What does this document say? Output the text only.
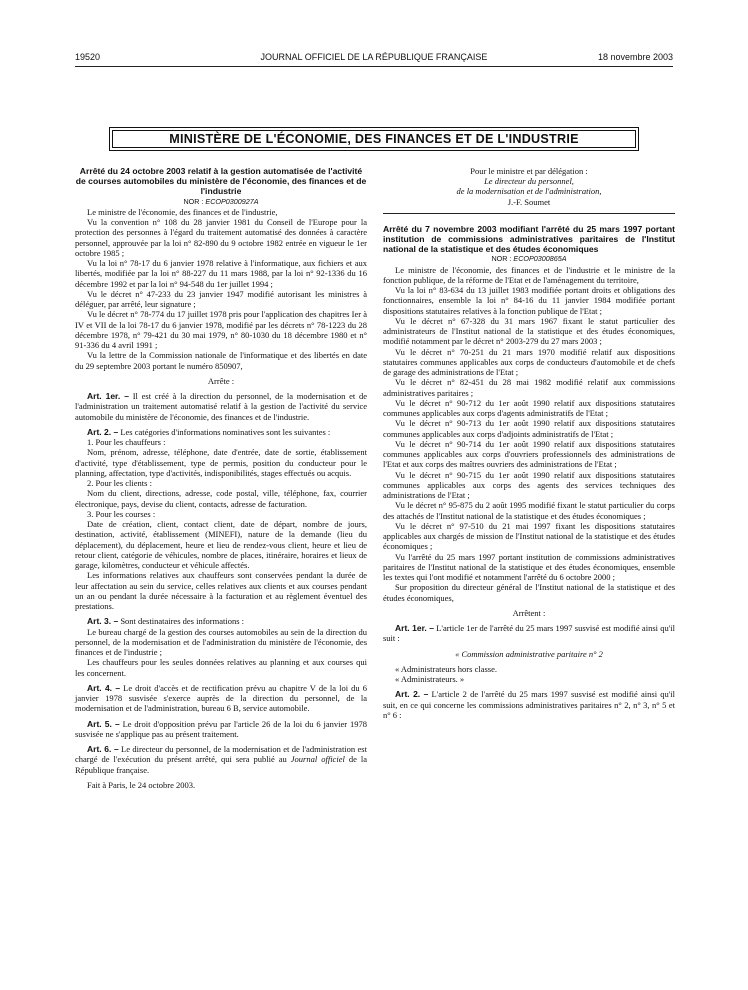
JOURNAL OFFICIEL DE LA RÉPUBLIQUE FRANÇAISE
19520	18 novembre 2003
MINISTÈRE DE L'ÉCONOMIE, DES FINANCES ET DE L'INDUSTRIE

Arrêté du 24 octobre 2003 relatif à la gestion automatisée de l'activité de courses automobiles du ministère de l'économie, des finances et de l'industrie

NOR : ECOP0300927A

Le ministre de l'économie, des finances et de l'industrie,

Vu la convention n° 108 du 28 janvier 1981 du Conseil de l'Europe pour la protection des personnes à l'égard du traitement automatisé des données à caractère personnel, approuvée par la loi n° 82-890 du 9 octobre 1982 entrée en vigueur le 1er octobre 1985 ;

Vu la loi n° 78-17 du 6 janvier 1978 relative à l'informatique, aux fichiers et aux libertés, modifiée par la loi n° 88-227 du 11 mars 1988, par la loi n° 92-1336 du 16 décembre 1992 et par la loi n° 94-548 du 1er juillet 1994 ;

Vu le décret n° 47-233 du 23 janvier 1947 modifié autorisant les ministres à déléguer, par arrêté, leur signature ;

Vu le décret n° 78-774 du 17 juillet 1978 pris pour l'application des chapitres Ier à IV et VII de la loi 78-17 du 6 janvier 1978, modifié par les décrets n° 78-1223 du 28 décembre 1978, n° 79-421 du 30 mai 1979, n° 80-1030 du 18 décembre 1980 et n° 91-336 du 4 avril 1991 ;

Vu la lettre de la Commission nationale de l'informatique et des libertés en date du 29 septembre 2003 portant le numéro 850907,

Arrête :

Art. 1er. – Il est créé à la direction du personnel, de la modernisation et de l'administration un traitement automatisé relatif à la gestion de l'activité du service automobile du ministère de l'économie, des finances et de l'industrie.

Art. 2. – Les catégories d'informations nominatives sont les suivantes :

1. Pour les chauffeurs :

Nom, prénom, adresse, téléphone, date d'entrée, date de sortie, établissement d'activité, type d'établissement, type de permis, position du conducteur pour le planning, affectation, type d'activités, indisponibilités, stages effectués ou acquis.

2. Pour les clients :

Nom du client, directions, adresse, code postal, ville, téléphone, fax, courrier électronique, pays, devise du client, contacts, adresse de facturation.

3. Pour les courses :

Date de création, client, contact client, date de départ, nombre de jours, destination, activité, établissement (MINEFI), nature de la demande (lieu du déplacement), du déplacement, heure et lieu de rendez-vous client, heure et lieu de retour client, catégorie de véhicules, nombre de places, itinéraire, horaires et lieux de garage, kilomètres, conducteur et véhicule affectés.

Les informations relatives aux chauffeurs sont conservées pendant la durée de leur affectation au sein du service, celles relatives aux clients et aux courses pendant un an ou pendant la durée nécessaire à la facturation et au règlement éventuel des prestations.

Art. 3. – Sont destinataires des informations :

Le bureau chargé de la gestion des courses automobiles au sein de la direction du personnel, de la modernisation et de l'administration du ministère de l'économie, des finances et de l'industrie ;

Les chauffeurs pour les seules données relatives au planning et aux courses qui les concernent.

Art. 4. – Le droit d'accès et de rectification prévu au chapitre V de la loi du 6 janvier 1978 susvisée s'exerce auprès de la direction du personnel, de la modernisation et de l'administration, bureau 6 B, service automobile.

Art. 5. – Le droit d'opposition prévu par l'article 26 de la loi du 6 janvier 1978 susvisée ne s'applique pas au présent traitement.

Art. 6. – Le directeur du personnel, de la modernisation et de l'administration est chargé de l'exécution du présent arrêté, qui sera publié au Journal officiel de la République française.

Fait à Paris, le 24 octobre 2003.

Pour le ministre et par délégation :

Le directeur du personnel,

de la modernisation et de l'administration,

J.-F. Soumet

Arrêté du 7 novembre 2003 modifiant l'arrêté du 25 mars 1997 portant institution de commissions administratives paritaires de l'Institut national de la statistique et des études économiques

NOR : ECOP0300865A

Le ministre de l'économie, des finances et de l'industrie et le ministre de la fonction publique, de la réforme de l'Etat et de l'aménagement du territoire,

Vu la loi n° 83-634 du 13 juillet 1983 modifiée portant droits et obligations des fonctionnaires, ensemble la loi n° 84-16 du 11 janvier 1984 modifiée portant dispositions statutaires relatives à la fonction publique de l'Etat ;

Vu le décret n° 67-328 du 31 mars 1967 fixant le statut particulier des administrateurs de l'Institut national de la statistique et des études économiques, modifié notamment par le décret n° 2003-279 du 27 mars 2003 ;

Vu le décret n° 70-251 du 21 mars 1970 modifié relatif aux dispositions statutaires communes applicables aux corps de conducteurs d'automobile et de chefs de garage des administrations de l'Etat ;

Vu le décret n° 82-451 du 28 mai 1982 modifié relatif aux commissions administratives paritaires ;

Vu le décret n° 90-712 du 1er août 1990 relatif aux dispositions statutaires communes applicables aux corps d'agents administratifs de l'Etat ;

Vu le décret n° 90-713 du 1er août 1990 relatif aux dispositions statutaires communes applicables aux corps d'adjoints administratifs de l'Etat ;

Vu le décret n° 90-714 du 1er août 1990 relatif aux dispositions statutaires communes applicables aux corps d'ouvriers professionnels des administrations de l'Etat et aux corps des maîtres ouvriers des administrations de l'Etat ;

Vu le décret n° 90-715 du 1er août 1990 relatif aux dispositions statutaires communes applicables aux corps des agents des services techniques des administrations de l'Etat ;

Vu le décret n° 95-875 du 2 août 1995 modifié fixant le statut particulier du corps des attachés de l'Institut national de la statistique et des études économiques ;

Vu le décret n° 97-510 du 21 mai 1997 fixant les dispositions statutaires applicables aux chargés de mission de l'Institut national de la statistique et des études économiques ;

Vu l'arrêté du 25 mars 1997 portant institution de commissions administratives paritaires de l'Institut national de la statistique et des études économiques, ensemble les textes qui l'ont modifié et notamment l'arrêté du 6 octobre 2000 ;

Sur proposition du directeur général de l'Institut national de la statistique et des études économiques,

Arrêtent :

Art. 1er. – L'article 1er de l'arrêté du 25 mars 1997 susvisé est modifié ainsi qu'il suit :

« Commission administrative paritaire n° 2

« Administrateurs hors classe.

« Administrateurs. »

Art. 2. – L'article 2 de l'arrêté du 25 mars 1997 susvisé est modifié ainsi qu'il suit, en ce qui concerne les commissions administratives paritaires n° 2, n° 3, n° 5 et n° 6 :
